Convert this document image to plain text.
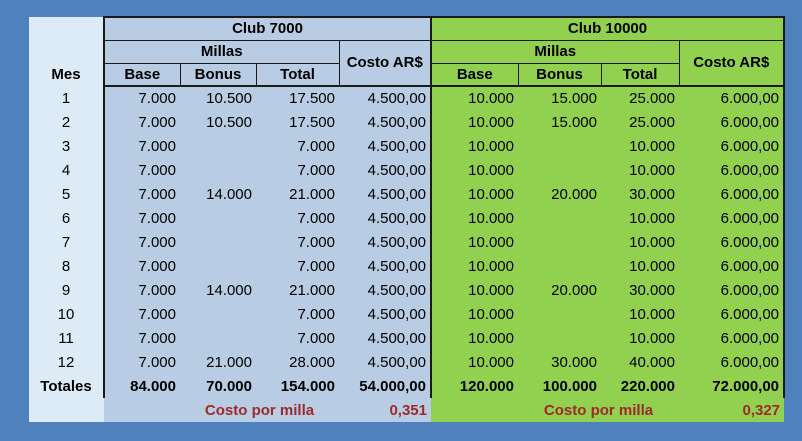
	Club 7000				Club 10000			
	Millas			Costo AR$	Millas			Costo AR$
Mes	Base	Bonus	Total		Base	Bonus	Total	
1	7.000	10.500	17.500	4.500,00	10.000	15.000	25.000	6.000,00
2	7.000	10.500	17.500	4.500,00	10.000	15.000	25.000	6.000,00
3	7.000		7.000	4.500,00	10.000		10.000	6.000,00
4	7.000		7.000	4.500,00	10.000		10.000	6.000,00
5	7.000	14.000	21.000	4.500,00	10.000	20.000	30.000	6.000,00
6	7.000		7.000	4.500,00	10.000		10.000	6.000,00
7	7.000		7.000	4.500,00	10.000		10.000	6.000,00
8	7.000		7.000	4.500,00	10.000		10.000	6.000,00
9	7.000	14.000	21.000	4.500,00	10.000	20.000	30.000	6.000,00
10	7.000		7.000	4.500,00	10.000		10.000	6.000,00
11	7.000		7.000	4.500,00	10.000		10.000	6.000,00
12	7.000	21.000	28.000	4.500,00	10.000	30.000	40.000	6.000,00
Totales	84.000	70.000	154.000	54.000,00	120.000	100.000	220.000	72.000,00
		Costo por milla		0,351		Costo por milla		0,327
